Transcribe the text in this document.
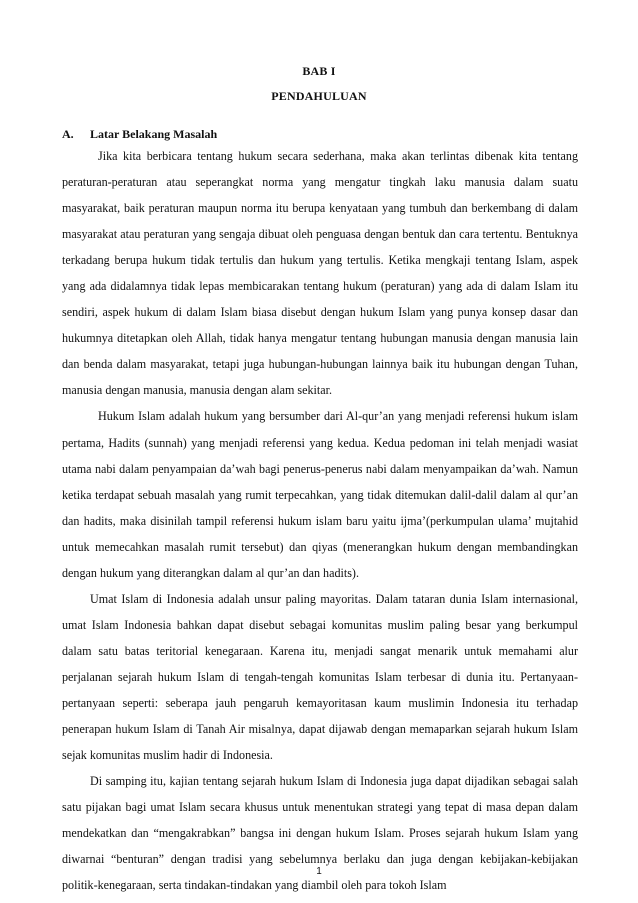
BAB I
PENDAHULUAN
A. Latar Belakang Masalah

Jika kita berbicara tentang hukum secara sederhana, maka akan terlintas dibenak kita tentang peraturan-peraturan atau seperangkat norma yang mengatur tingkah laku manusia dalam suatu masyarakat, baik peraturan maupun norma itu berupa kenyataan yang tumbuh dan berkembang di dalam masyarakat atau peraturan yang sengaja dibuat oleh penguasa dengan bentuk dan cara tertentu. Bentuknya terkadang berupa hukum tidak tertulis dan hukum yang tertulis. Ketika mengkaji tentang Islam, aspek yang ada didalamnya tidak lepas membicarakan tentang hukum (peraturan) yang ada di dalam Islam itu sendiri, aspek hukum di dalam Islam biasa disebut dengan hukum Islam yang punya konsep dasar dan hukumnya ditetapkan oleh Allah, tidak hanya mengatur tentang hubungan manusia dengan manusia lain dan benda dalam masyarakat, tetapi juga hubungan-hubungan lainnya baik itu hubungan dengan Tuhan, manusia dengan manusia, manusia dengan alam sekitar.

Hukum Islam adalah hukum yang bersumber dari Al-qur’an yang menjadi referensi hukum islam pertama, Hadits (sunnah) yang menjadi referensi yang kedua. Kedua pedoman ini telah menjadi wasiat utama nabi dalam penyampaian da’wah bagi penerus-penerus nabi dalam menyampaikan da’wah. Namun ketika terdapat sebuah masalah yang rumit terpecahkan, yang tidak ditemukan dalil-dalil dalam al qur’an dan hadits, maka disinilah tampil referensi hukum islam baru yaitu ijma’(perkumpulan ulama’ mujtahid untuk memecahkan masalah rumit tersebut) dan qiyas (menerangkan hukum dengan membandingkan dengan hukum yang diterangkan dalam al qur’an dan hadits).

Umat Islam di Indonesia adalah unsur paling mayoritas. Dalam tataran dunia Islam internasional, umat Islam Indonesia bahkan dapat disebut sebagai komunitas muslim paling besar yang berkumpul dalam satu batas teritorial kenegaraan. Karena itu, menjadi sangat menarik untuk memahami alur perjalanan sejarah hukum Islam di tengah-tengah komunitas Islam terbesar di dunia itu. Pertanyaan-pertanyaan seperti: seberapa jauh pengaruh kemayoritasan kaum muslimin Indonesia itu terhadap penerapan hukum Islam di Tanah Air misalnya, dapat dijawab dengan memaparkan sejarah hukum Islam sejak komunitas muslim hadir di Indonesia.

Di samping itu, kajian tentang sejarah hukum Islam di Indonesia juga dapat dijadikan sebagai salah satu pijakan bagi umat Islam secara khusus untuk menentukan strategi yang tepat di masa depan dalam mendekatkan dan “mengakrabkan” bangsa ini dengan hukum Islam. Proses sejarah hukum Islam yang diwarnai “benturan” dengan tradisi yang sebelumnya berlaku dan juga dengan kebijakan-kebijakan politik-kenegaraan, serta tindakan-tindakan yang diambil oleh para tokoh Islam

1
